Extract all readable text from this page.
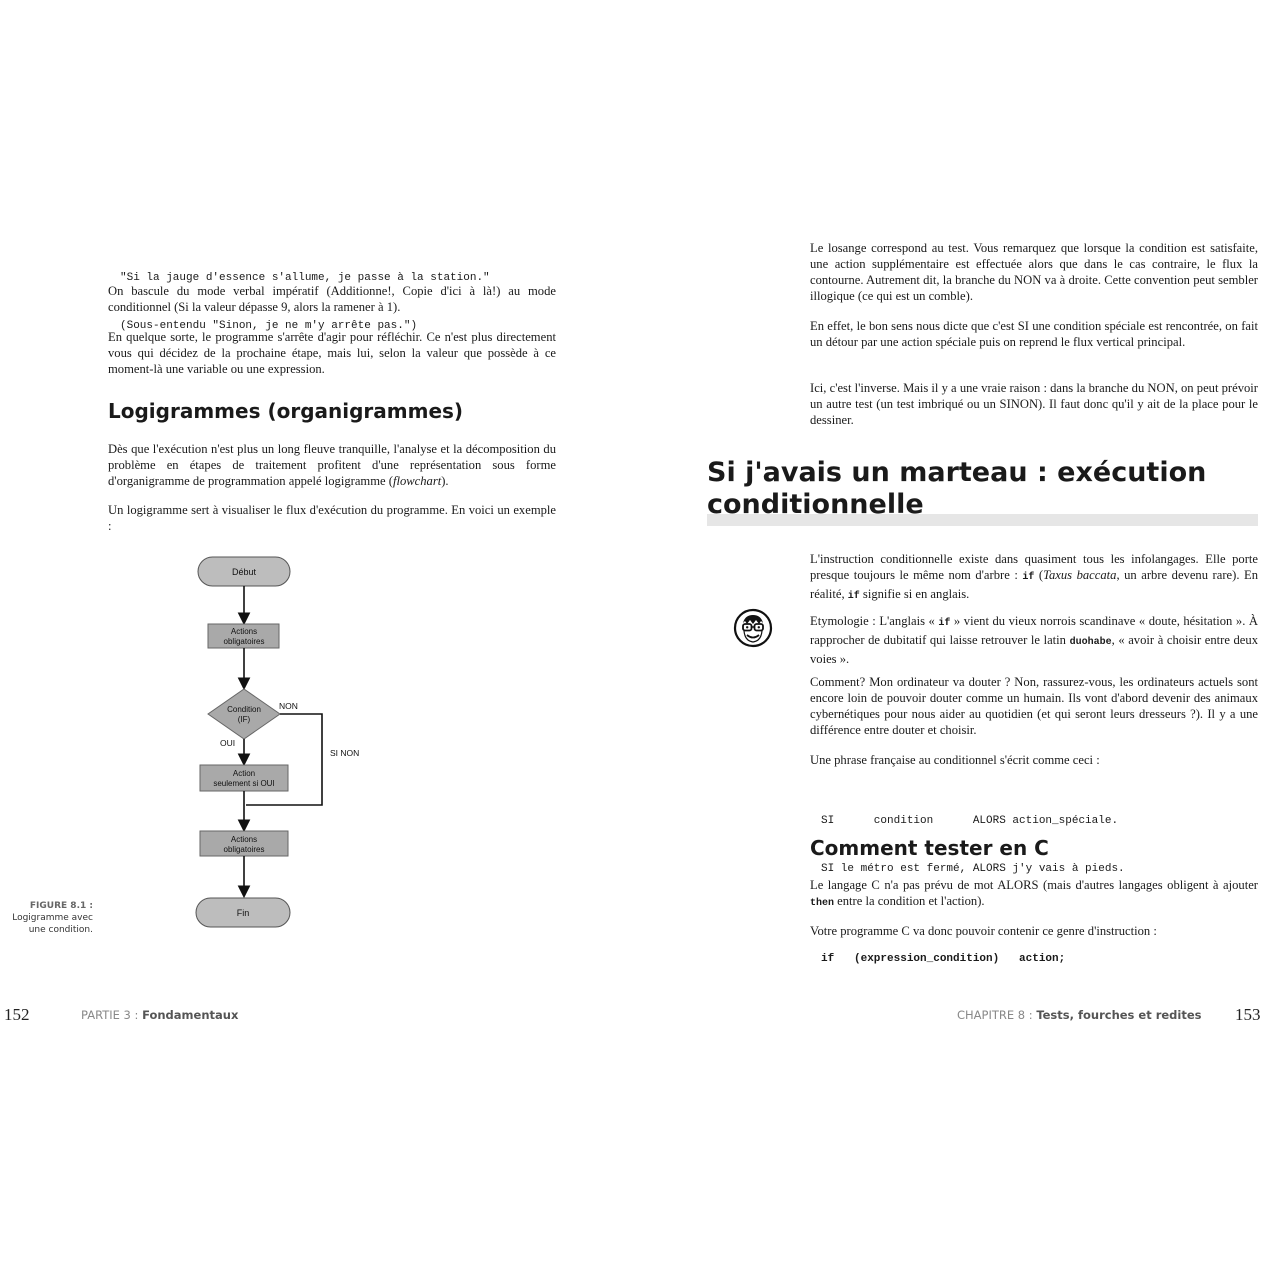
"Si la jauge d'essence s'allume, je passe à la station."

(Sous-entendu "Sinon, je ne m'y arrête pas.")

On bascule du mode verbal impératif (Additionne!, Copie d'ici à là!) au mode conditionnel (Si la valeur dépasse 9, alors la ramener à 1).

En quelque sorte, le programme s'arrête d'agir pour réfléchir. Ce n'est plus directement vous qui décidez de la prochaine étape, mais lui, selon la valeur que possède à ce moment-là une variable ou une expression.

Logigrammes (organigrammes)

Dès que l'exécution n'est plus un long fleuve tranquille, l'analyse et la décomposition du problème en étapes de traitement profitent d'une représentation sous forme d'organigramme de programmation appelé logigramme (flowchart).

Un logigramme sert à visualiser le flux d'exécution du programme. En voici un exemple :

Début
Actions
obligatoires
Condition
(IF)
NON
OUI
SI NON
Action
seulement si OUI
Actions
obligatoires
Fin
FIGURE 8.1 :
Logigramme avec
une condition.
152	PARTIE 3 : Fondamentaux

Le losange correspond au test. Vous remarquez que lorsque la condition est satisfaite, une action supplémentaire est effectuée alors que dans le cas contraire, le flux la contourne. Autrement dit, la branche du NON va à droite. Cette convention peut sembler illogique (ce qui est un comble).

En effet, le bon sens nous dicte que c'est SI une condition spéciale est rencontrée, on fait un détour par une action spéciale puis on reprend le flux vertical principal.

Ici, c'est l'inverse. Mais il y a une vraie raison : dans la branche du NON, on peut prévoir un autre test (un test imbriqué ou un SINON). Il faut donc qu'il y ait de la place pour le dessiner.

Si j'avais un marteau : exécution
conditionnelle

L'instruction conditionnelle existe dans quasiment tous les infolangages. Elle porte presque toujours le même nom d'arbre : if (Taxus baccata, un arbre devenu rare). En réalité, if signifie si en anglais.

Etymologie : L'anglais « if » vient du vieux norrois scandinave « doute, hésitation ». À rapprocher de dubitatif qui laisse retrouver le latin duohabe, « avoir à choisir entre deux voies ».

Comment? Mon ordinateur va douter ? Non, rassurez-vous, les ordinateurs actuels sont encore loin de pouvoir douter comme un humain. Ils vont d'abord devenir des animaux cybernétiques pour nous aider au quotidien (et qui seront leurs dresseurs ?). Il y a une différence entre douter et choisir.

Une phrase française au conditionnel s'écrit comme ceci :

SI      condition      ALORS action_spéciale.

SI le métro est fermé, ALORS j'y vais à pieds.

Comment tester en C

Le langage C n'a pas prévu de mot ALORS (mais d'autres langages obligent à ajouter then entre la condition et l'action).

Votre programme C va donc pouvoir contenir ce genre d'instruction :

if   (expression_condition)   action;
CHAPITRE 8 : Tests, fourches et redites 153
